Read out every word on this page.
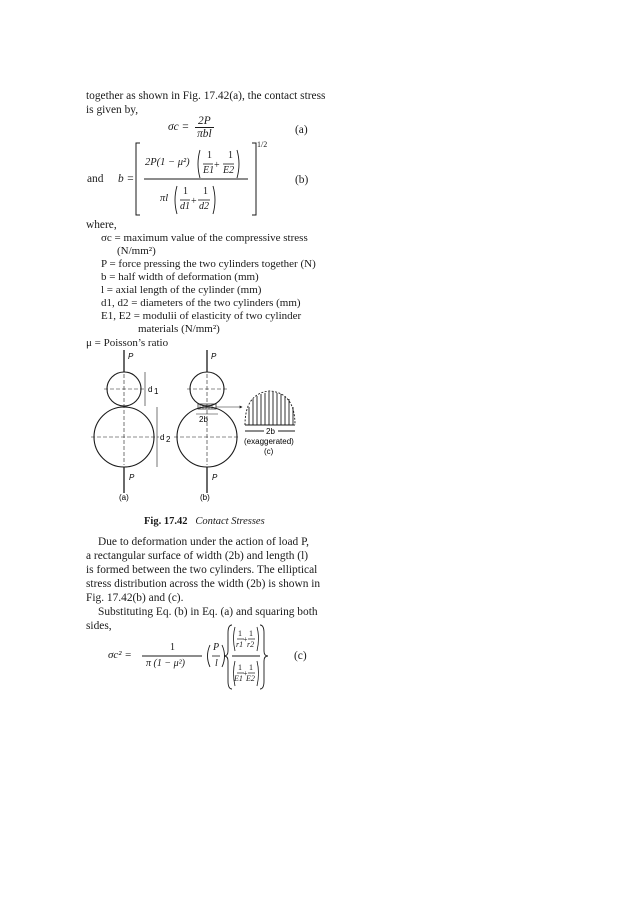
together as shown in Fig. 17.42(a), the contact stress
is given by,
$\sigma c = \frac{2P}{\text{πbl}}$	(a)
and b =
+
+
2P(1 − μ²)
1
E1
1
E2
1/2
πl
1
d1
1
d2
(b)
where,
σc = maximum value of the compressive stress
(N/mm²)
P = force pressing the two cylinders together (N)
b = half width of deformation (mm)
l = axial length of the cylinder (mm)
d1, d2 = diameters of the two cylinders (mm)
E1, E2 = modulii of elasticity of two cylinder
materials (N/mm²)
μ = Poisson’s ratio
P
P
d 1
d 2
P
P
2b
2b
(exaggerated)
(c)
(a)	(b)
Fig. 17.42 Contact Stresses
Due to deformation under the action of load P,
a rectangular surface of width (2b) and length (l)
is formed between the two cylinders. The elliptical
stress distribution across the width (2b) is shown in
Fig. 17.42(b) and (c).
Substituting Eq. (b) in Eq. (a) and squaring both
sides,
σc² =
+
+
1 1
1 1
1
π (1 − μ²)
P
l
r1 r2
E1 E2
(c)
